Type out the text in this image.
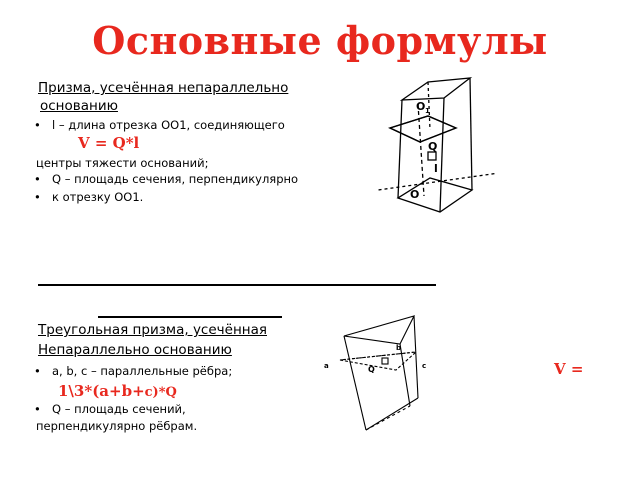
Основные формулы
Призма, усечённая непараллельно
основанию
• l – длина отрезка OO1, соединяющего
V = Q*l
центры тяжести оснований;
• Q – площадь сечения, перпендикулярно
• к отрезку OO1.
O 1
Q
O
l
Треугольная призма, усечённая
Непараллельно основанию
• a, b, c – параллельные рёбра;	V =
1\3*(a+b+c)*Q
• Q – площадь сечений,
перпендикулярно рёбрам.
a
b
c
Q
